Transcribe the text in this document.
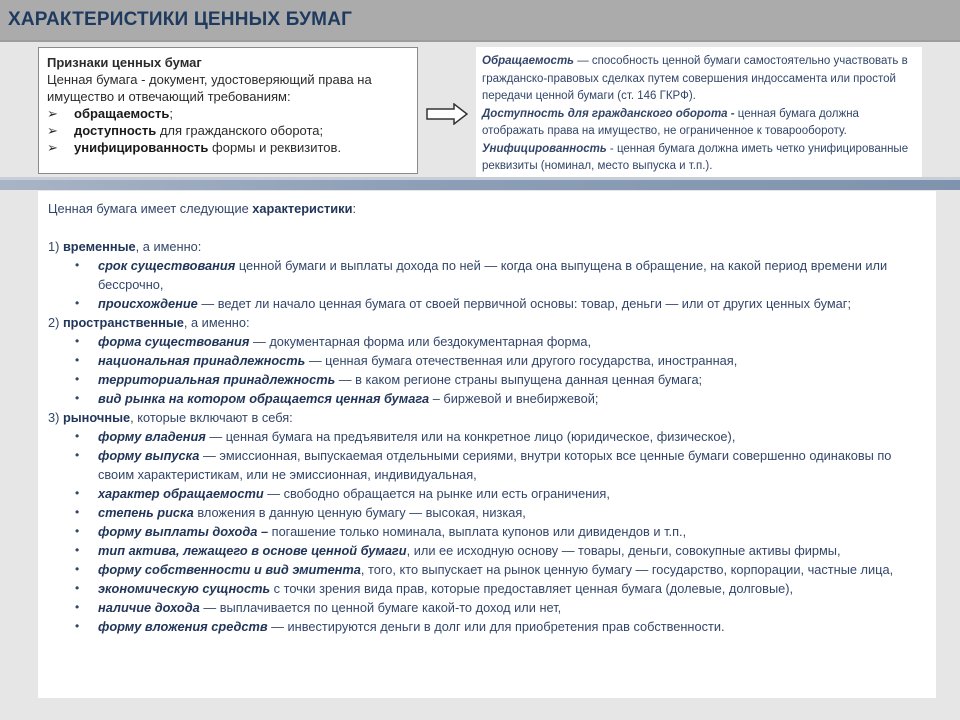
ХАРАКТЕРИСТИКИ ЦЕННЫХ БУМАГ
Признаки ценных бумаг
Ценная бумага - документ, удостоверяющий права на имущество и отвечающий требованиям:
➢ обращаемость;
➢ доступность для гражданского оборота;
➢ унифицированность формы и реквизитов.
Обращаемость — способность ценной бумаги самостоятельно участвовать в гражданско-правовых сделках путем совершения индоссамента или простой передачи ценной бумаги (ст. 146 ГКРФ).
Доступность для гражданского оборота - ценная бумага должна отображать права на имущество, не ограниченное к товарообороту.
Унифицированность - ценная бумага должна иметь четко унифицированные реквизиты (номинал, место выпуска и т.п.).
Ценная бумага имеет следующие характеристики:
1) временные, а именно:
• срок существования ценной бумаги и выплаты дохода по ней — когда она выпущена в обращение, на какой период времени или бессрочно,
• происхождение — ведет ли начало ценная бумага от своей первичной основы: товар, деньги — или от других ценных бумаг;
2) пространственные, а именно:
• форма существования — документарная форма или бездокументарная форма,
• национальная принадлежность — ценная бумага отечественная или другого государства, иностранная,
• территориальная принадлежность — в каком регионе страны выпущена данная ценная бумага;
• вид рынка на котором обращается ценная бумага – биржевой и внебиржевой;
3) рыночные, которые включают в себя:
• форму владения — ценная бумага на предъявителя или на конкретное лицо (юридическое, физическое),
• форму выпуска — эмиссионная, выпускаемая отдельными сериями, внутри которых все ценные бумаги совершенно одинаковы по своим характеристикам, или не эмиссионная, индивидуальная,
• характер обращаемости — свободно обращается на рынке или есть ограничения,
• степень риска вложения в данную ценную бумагу — высокая, низкая,
• форму выплаты дохода – погашение только номинала, выплата купонов или дивидендов и т.п.,
• тип актива, лежащего в основе ценной бумаги, или ее исходную основу — товары, деньги, совокупные активы фирмы,
• форму собственности и вид эмитента, того, кто выпускает на рынок ценную бумагу — государство, корпорации, частные лица,
• экономическую сущность с точки зрения вида прав, которые предоставляет ценная бумага (долевые, долговые),
• наличие дохода — выплачивается по ценной бумаге какой-то доход или нет,
• форму вложения средств — инвестируются деньги в долг или для приобретения прав собственности.
